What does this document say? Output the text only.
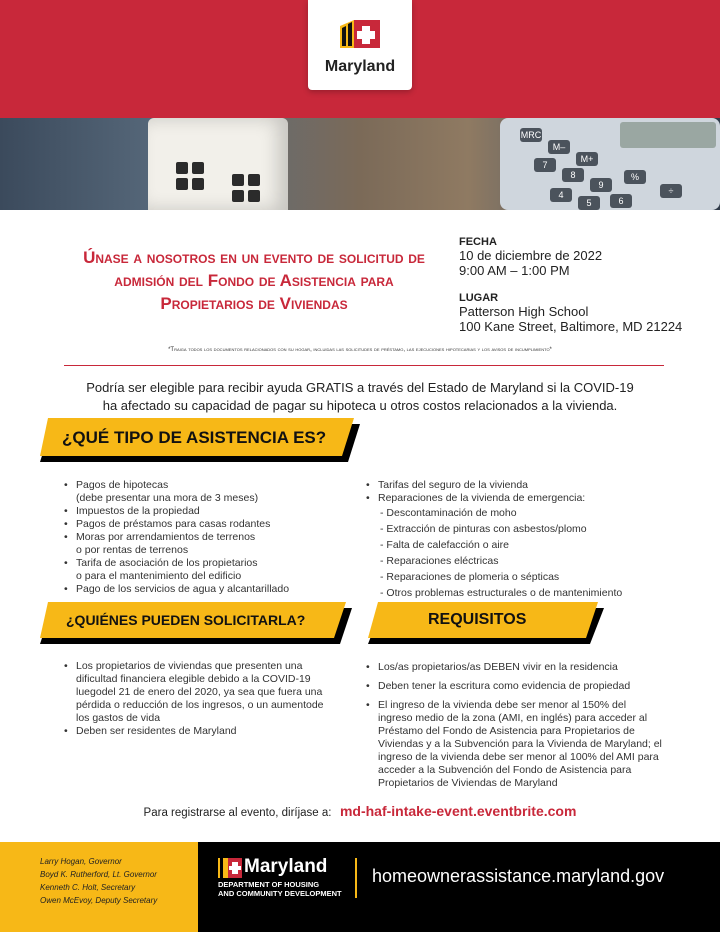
MRC
M–
M+
7
8
9
%
4
5	6
÷
Maryland
Únase a nosotros en un evento de solicitud de admisión del Fondo de Asistencia para Propietarios de Viviendas
FECHA
10 de diciembre de 2022
9:00 AM – 1:00 PM
LUGAR
Patterson High School
100 Kane Street, Baltimore, MD 21224
*Traiga todos los documentos relacionados con su hogar, incluidas las solicitudes de préstamo, las ejecuciones hipotecarias y los avisos de incumplimiento*
Podría ser elegible para recibir ayuda GRATIS a través del Estado de Maryland si la COVID-19
ha afectado su capacidad de pagar su hipoteca u otros costos relacionados a la vivienda.
¿QUÉ TIPO DE ASISTENCIA ES?
• Pagos de hipotecas
(debe presentar una mora de 3 meses)
• Impuestos de la propiedad
• Pagos de préstamos para casas rodantes
• Moras por arrendamientos de terrenos
o por rentas de terrenos
• Tarifa de asociación de los propietarios
o para el mantenimiento del edificio
• Pago de los servicios de agua y alcantarillado
• Tarifas del seguro de la vivienda
• Reparaciones de la vivienda de emergencia:
- Descontaminación de moho
- Extracción de pinturas con asbestos/plomo
- Falta de calefacción o aire
- Reparaciones eléctricas
- Reparaciones de plomeria o sépticas
- Otros problemas estructurales o de mantenimiento
¿QUIÉNES PUEDEN SOLICITARLA?	REQUISITOS
• Los propietarios de viviendas que presenten una dificultad financiera elegible debido a la COVID-19 luegodel 21 de enero del 2020, ya sea que fuera una pérdida o reducción de los ingresos, o un aumentode los gastos de vida
• Deben ser residentes de Maryland
• Los/as propietarios/as DEBEN vivir en la residencia
• Deben tener la escritura como evidencia de propiedad
• El ingreso de la vivienda debe ser menor al 150% del ingreso medio de la zona (AMI, en inglés) para acceder al Préstamo del Fondo de Asistencia para Propietarios de Viviendas y a la Subvención para la Vivienda de Maryland; el ingreso de la vivienda debe ser menor al 100% del AMI para acceder a la Subvención del Fondo de Asistencia para Propietarios de Viviendas de Maryland
Para registrarse al evento, diríjase a: md-haf-intake-event.eventbrite.com
Larry Hogan, Governor
Boyd K. Rutherford, Lt. Governor
Kenneth C. Holt, Secretary
Owen McEvoy, Deputy Secretary
Maryland
DEPARTMENT OF HOUSING
AND COMMUNITY DEVELOPMENT
homeownerassistance.maryland.gov
